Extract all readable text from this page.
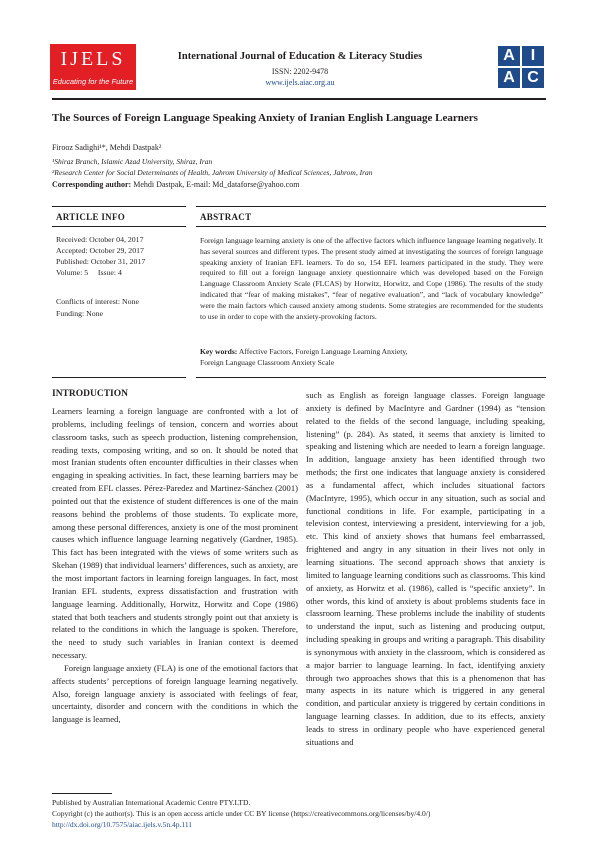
IJELS
Educating for the Future
International Journal of Education & Literacy Studies
ISSN: 2202-9478
www.ijels.aiac.org.au
A I
A C
The Sources of Foreign Language Speaking Anxiety of Iranian English Language Learners
Firooz Sadighi¹*, Mehdi Dastpak²
¹Shiraz Branch, Islamic Azad University, Shiraz, Iran
²Research Center for Social Determinants of Health, Jahrom University of Medical Sciences, Jahrom, Iran
Corresponding author: Mehdi Dastpak, E-mail: Md_dataforse@yahoo.com
ARTICLE INFO	ABSTRACT
Received: October 04, 2017
Accepted: October 29, 2017
Published: October 31, 2017
Volume: 5     Issue: 4
Conflicts of interest: None
Funding: None
Foreign language learning anxiety is one of the affective factors which influence language learning negatively. It has several sources and different types. The present study aimed at investigating the sources of foreign language speaking anxiety of Iranian EFL learners. To do so, 154 EFL learners participated in the study. They were required to fill out a foreign language anxiety questionnaire which was developed based on the Foreign Language Classroom Anxiety Scale (FLCAS) by Horwitz, Horwitz, and Cope (1986). The results of the study indicated that “fear of making mistakes”, “fear of negative evaluation”, and “lack of vocabulary knowledge” were the main factors which caused anxiety among students. Some strategies are recommended for the students to use in order to cope with the anxiety-provoking factors.
Key words: Affective Factors, Foreign Language Learning Anxiety,
Foreign Language Classroom Anxiety Scale
INTRODUCTION

Learners learning a foreign language are confronted with a lot of problems, including feelings of tension, concern and worries about classroom tasks, such as speech production, listening comprehension, reading texts, composing writing, and so on. It should be noted that most Iranian students often encounter difficulties in their classes when engaging in speaking activities. In fact, these learning barriers may be created from EFL classes. Pérez-Paredez and Martinez-Sánchez (2001) pointed out that the existence of student differences is one of the main reasons behind the problems of those students. To explicate more, among these personal differences, anxiety is one of the most prominent causes which influence language learning negatively (Gardner, 1985). This fact has been integrated with the views of some writers such as Skehan (1989) that individual learners’ differences, such as anxiety, are the most important factors in learning foreign languages. In fact, most Iranian EFL students, express dissatisfaction and frustration with language learning. Additionally, Horwitz, Horwitz and Cope (1986) stated that both teachers and students strongly point out that anxiety is related to the conditions in which the language is spoken. Therefore, the need to study such variables in Iranian context is deemed necessary.

Foreign language anxiety (FLA) is one of the emotional factors that affects students’ perceptions of foreign language learning negatively. Also, foreign language anxiety is associated with feelings of fear, uncertainty, disorder and concern with the conditions in which the language is learned,

such as English as foreign language classes. Foreign language anxiety is defined by MacIntyre and Gardner (1994) as “tension related to the fields of the second language, including speaking, listening” (p. 284). As stated, it seems that anxiety is limited to speaking and listening which are needed to learn a foreign language. In addition, language anxiety has been identified through two methods; the first one indicates that language anxiety is considered as a fundamental affect, which includes situational factors (MacIntyre, 1995), which occur in any situation, such as social and functional conditions in life. For example, participating in a television contest, interviewing a president, interviewing for a job, etc. This kind of anxiety shows that humans feel embarrassed, frightened and angry in any situation in their lives not only in learning situations. The second approach shows that anxiety is limited to language learning conditions such as classrooms. This kind of anxiety, as Horwitz et al. (1986), called is “specific anxiety”. In other words, this kind of anxiety is about problems students face in classroom learning. These problems include the inability of students to understand the input, such as listening and producing output, including speaking in groups and writing a paragraph. This disability is synonymous with anxiety in the classroom, which is considered as a major barrier to language learning. In fact, identifying anxiety through two approaches shows that this is a phenomenon that has many aspects in its nature which is triggered in any general condition, and particular anxiety is triggered by certain conditions in language learning classes. In addition, due to its effects, anxiety leads to stress in ordinary people who have experienced general situations and

Published by Australian International Academic Centre PTY.LTD.
Copyright (c) the author(s). This is an open access article under CC BY license (https://creativecommons.org/licenses/by/4.0/)
http://dx.doi.org/10.7575/aiac.ijels.v.5n.4p.111
